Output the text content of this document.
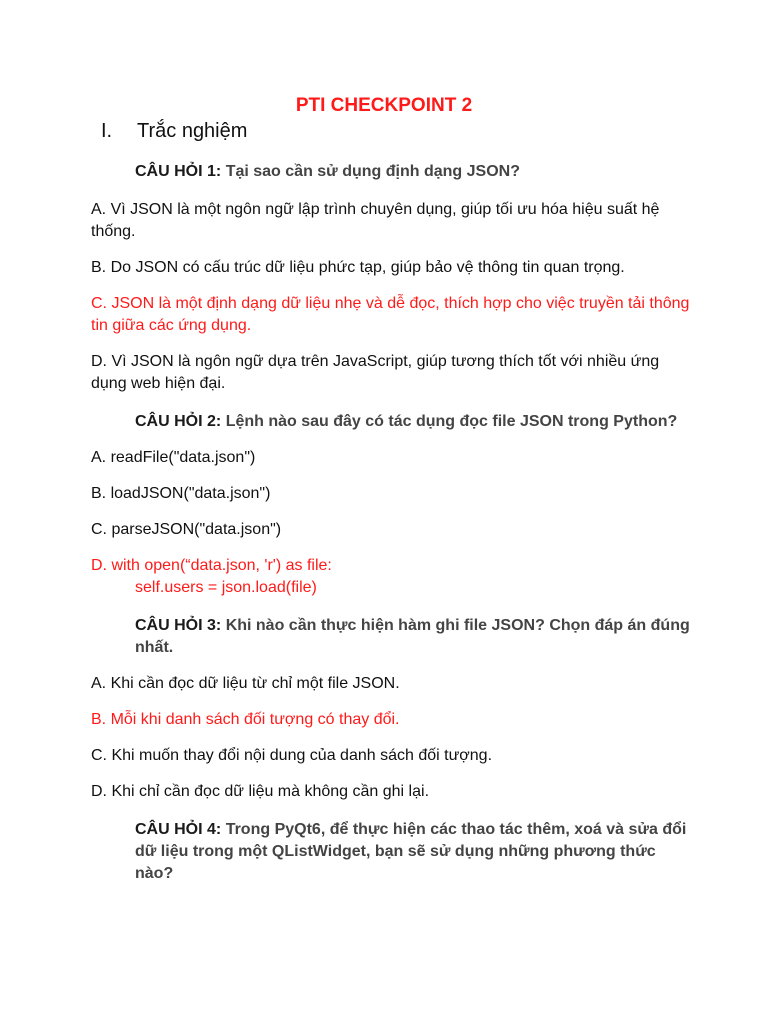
PTI CHECKPOINT 2
I. Trắc nghiệm

CÂU HỎI 1: Tại sao cần sử dụng định dạng JSON?

A. Vì JSON là một ngôn ngữ lập trình chuyên dụng, giúp tối ưu hóa hiệu suất hệ thống.

B. Do JSON có cấu trúc dữ liệu phức tạp, giúp bảo vệ thông tin quan trọng.

C. JSON là một định dạng dữ liệu nhẹ và dễ đọc, thích hợp cho việc truyền tải thông tin giữa các ứng dụng.

D. Vì JSON là ngôn ngữ dựa trên JavaScript, giúp tương thích tốt với nhiều ứng dụng web hiện đại.

CÂU HỎI 2: Lệnh nào sau đây có tác dụng đọc file JSON trong Python?

A. readFile("data.json")

B. loadJSON("data.json")

C. parseJSON("data.json")

D. with open(“data.json, 'r') as file:
self.users = json.load(file)

CÂU HỎI 3: Khi nào cần thực hiện hàm ghi file JSON? Chọn đáp án đúng nhất.

A. Khi cần đọc dữ liệu từ chỉ một file JSON.

B. Mỗi khi danh sách đối tượng có thay đổi.

C. Khi muốn thay đổi nội dung của danh sách đối tượng.

D. Khi chỉ cần đọc dữ liệu mà không cần ghi lại.

CÂU HỎI 4: Trong PyQt6, để thực hiện các thao tác thêm, xoá và sửa đổi dữ liệu trong một QListWidget, bạn sẽ sử dụng những phương thức nào?
